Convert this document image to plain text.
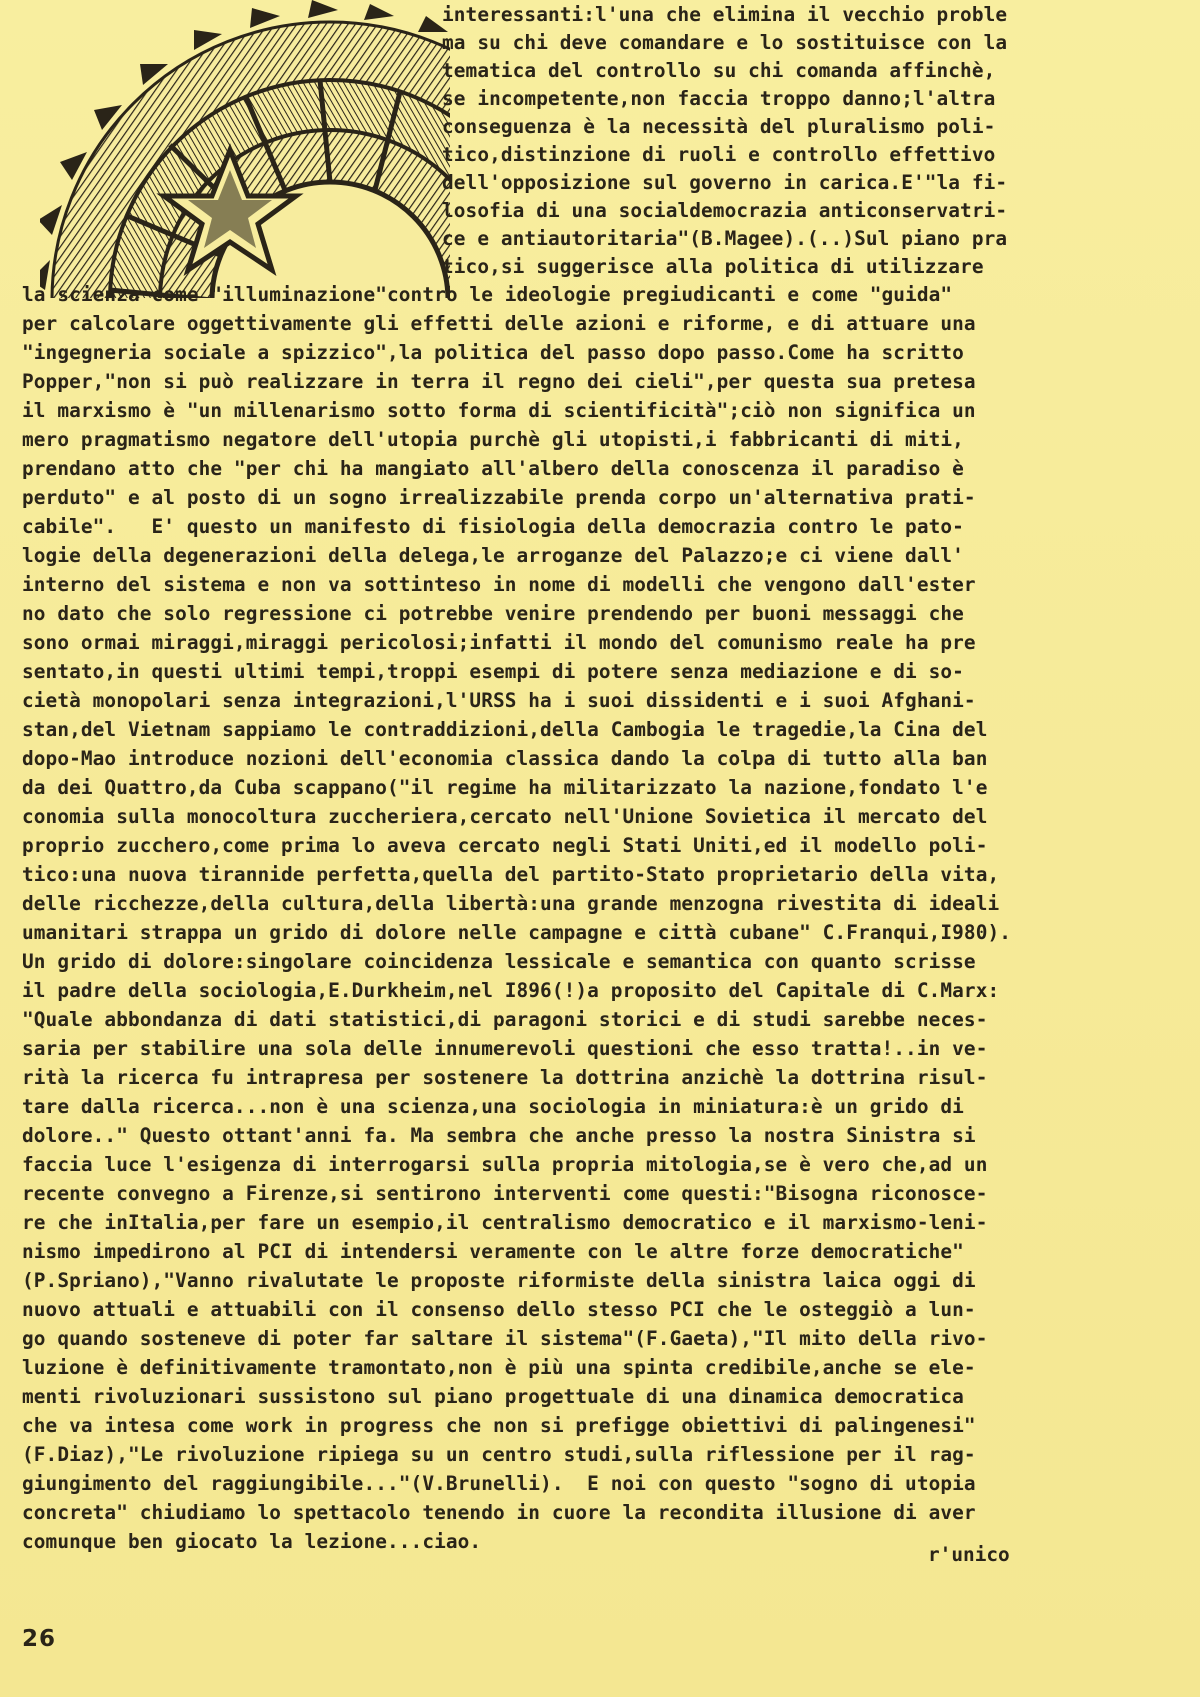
interessanti:l'una che elimina il vecchio proble
ma su chi deve comandare e lo sostituisce con la
tematica del controllo su chi comanda affinchè,
se incompetente,non faccia troppo danno;l'altra
conseguenza è la necessità del pluralismo poli-
tico,distinzione di ruoli e controllo effettivo
dell'opposizione sul governo in carica.E'"la fi-
losofia di una socialdemocrazia anticonservatri-
ce e antiautoritaria"(B.Magee).(..)Sul piano pra
tico,si suggerisce alla politica di utilizzare
la scienza come "illuminazione"contro le ideologie pregiudicanti e come "guida"
per calcolare oggettivamente gli effetti delle azioni e riforme, e di attuare una
"ingegneria sociale a spizzico",la politica del passo dopo passo.Come ha scritto
Popper,"non si può realizzare in terra il regno dei cieli",per questa sua pretesa
il marxismo è "un millenarismo sotto forma di scientificità";ciò non significa un
mero pragmatismo negatore dell'utopia purchè gli utopisti,i fabbricanti di miti,
prendano atto che "per chi ha mangiato all'albero della conoscenza il paradiso è
perduto" e al posto di un sogno irrealizzabile prenda corpo un'alternativa prati-
cabile".   E' questo un manifesto di fisiologia della democrazia contro le pato-
logie della degenerazioni della delega,le arroganze del Palazzo;e ci viene dall'
interno del sistema e non va sottinteso in nome di modelli che vengono dall'ester
no dato che solo regressione ci potrebbe venire prendendo per buoni messaggi che
sono ormai miraggi,miraggi pericolosi;infatti il mondo del comunismo reale ha pre
sentato,in questi ultimi tempi,troppi esempi di potere senza mediazione e di so-
cietà monopolari senza integrazioni,l'URSS ha i suoi dissidenti e i suoi Afghani-
stan,del Vietnam sappiamo le contraddizioni,della Cambogia le tragedie,la Cina del
dopo-Mao introduce nozioni dell'economia classica dando la colpa di tutto alla ban
da dei Quattro,da Cuba scappano("il regime ha militarizzato la nazione,fondato l'e
conomia sulla monocoltura zuccheriera,cercato nell'Unione Sovietica il mercato del
proprio zucchero,come prima lo aveva cercato negli Stati Uniti,ed il modello poli-
tico:una nuova tirannide perfetta,quella del partito-Stato proprietario della vita,
delle ricchezze,della cultura,della libertà:una grande menzogna rivestita di ideali
umanitari strappa un grido di dolore nelle campagne e città cubane" C.Franqui,I980).
Un grido di dolore:singolare coincidenza lessicale e semantica con quanto scrisse
il padre della sociologia,E.Durkheim,nel I896(!)a proposito del Capitale di C.Marx:
"Quale abbondanza di dati statistici,di paragoni storici e di studi sarebbe neces-
saria per stabilire una sola delle innumerevoli questioni che esso tratta!..in ve-
rità la ricerca fu intrapresa per sostenere la dottrina anzichè la dottrina risul-
tare dalla ricerca...non è una scienza,una sociologia in miniatura:è un grido di
dolore.." Questo ottant'anni fa. Ma sembra che anche presso la nostra Sinistra si
faccia luce l'esigenza di interrogarsi sulla propria mitologia,se è vero che,ad un
recente convegno a Firenze,si sentirono interventi come questi:"Bisogna riconosce-
re che inItalia,per fare un esempio,il centralismo democratico e il marxismo-leni-
nismo impedirono al PCI di intendersi veramente con le altre forze democratiche"
(P.Spriano),"Vanno rivalutate le proposte riformiste della sinistra laica oggi di
nuovo attuali e attuabili con il consenso dello stesso PCI che le osteggiò a lun-
go quando sosteneve di poter far saltare il sistema"(F.Gaeta),"Il mito della rivo-
luzione è definitivamente tramontato,non è più una spinta credibile,anche se ele-
menti rivoluzionari sussistono sul piano progettuale di una dinamica democratica
che va intesa come work in progress che non si prefigge obiettivi di palingenesi"
(F.Diaz),"Le rivoluzione ripiega su un centro studi,sulla riflessione per il rag-
giungimento del raggiungibile..."(V.Brunelli).  E noi con questo "sogno di utopia
concreta" chiudiamo lo spettacolo tenendo in cuore la recondita illusione di aver
comunque ben giocato la lezione...ciao.
r'unico
26
